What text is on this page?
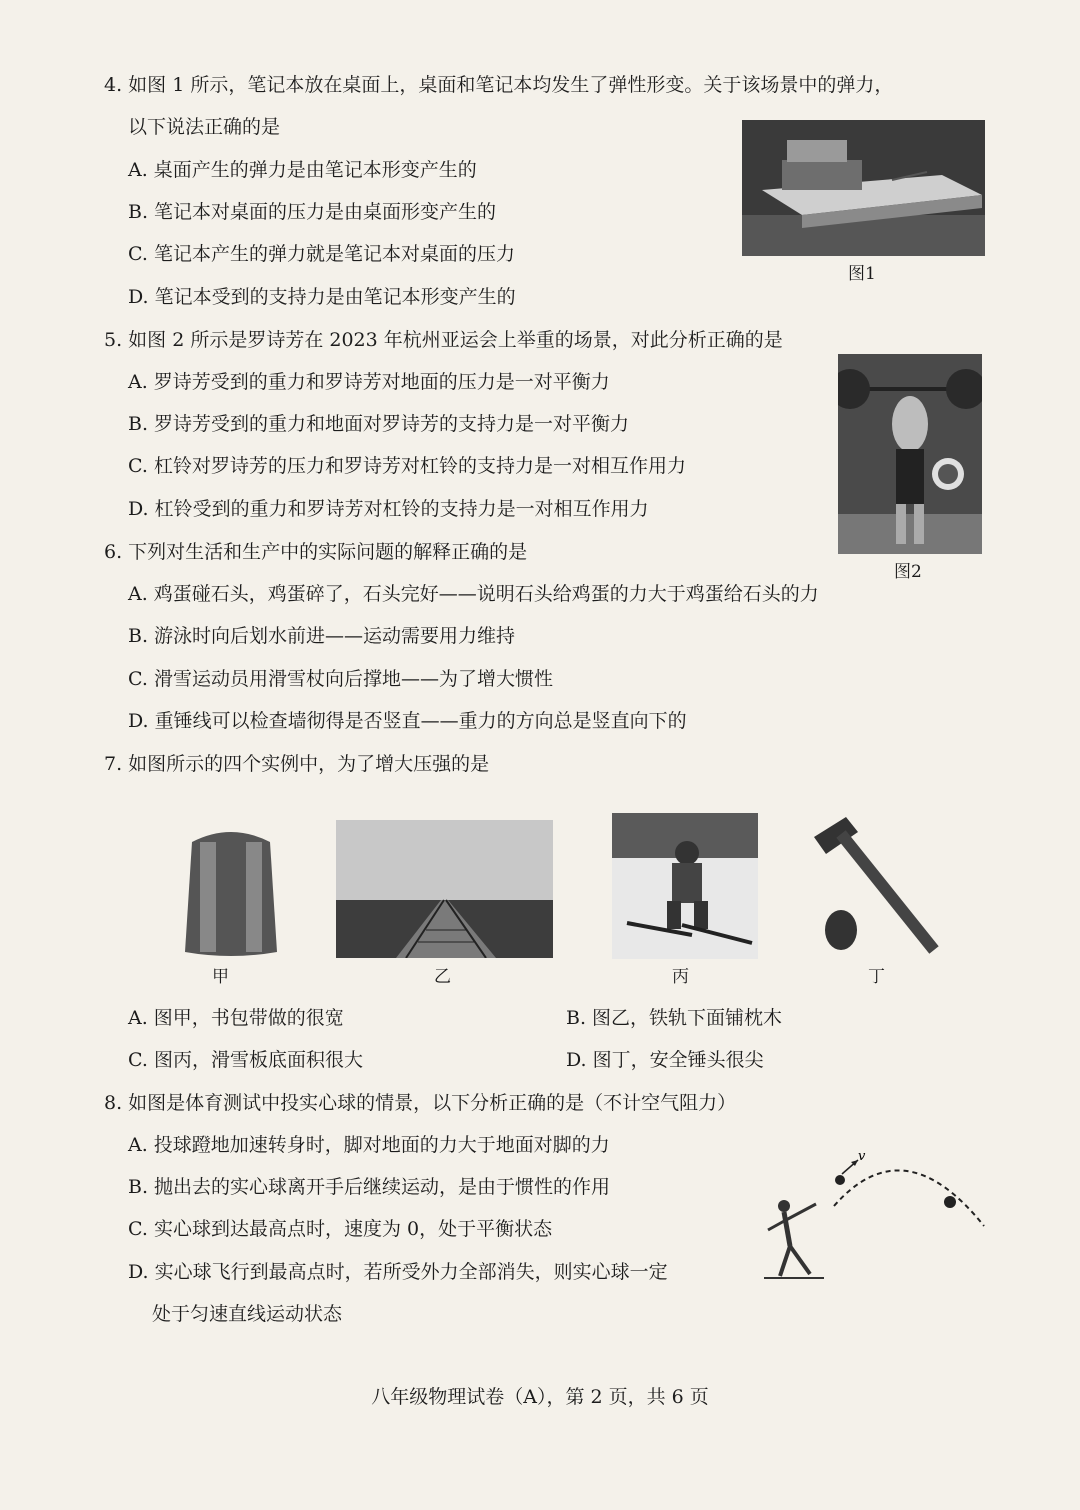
4. 如图 1 所示，笔记本放在桌面上，桌面和笔记本均发生了弹性形变。关于该场景中的弹力，
以下说法正确的是
A. 桌面产生的弹力是由笔记本形变产生的
B. 笔记本对桌面的压力是由桌面形变产生的
C. 笔记本产生的弹力就是笔记本对桌面的压力
D. 笔记本受到的支持力是由笔记本形变产生的
图1
5. 如图 2 所示是罗诗芳在 2023 年杭州亚运会上举重的场景，对此分析正确的是
A. 罗诗芳受到的重力和罗诗芳对地面的压力是一对平衡力
B. 罗诗芳受到的重力和地面对罗诗芳的支持力是一对平衡力
C. 杠铃对罗诗芳的压力和罗诗芳对杠铃的支持力是一对相互作用力
D. 杠铃受到的重力和罗诗芳对杠铃的支持力是一对相互作用力
图2
6. 下列对生活和生产中的实际问题的解释正确的是
A. 鸡蛋碰石头，鸡蛋碎了，石头完好——说明石头给鸡蛋的力大于鸡蛋给石头的力
B. 游泳时向后划水前进——运动需要用力维持
C. 滑雪运动员用滑雪杖向后撑地——为了增大惯性
D. 重锤线可以检查墙彻得是否竖直——重力的方向总是竖直向下的
7. 如图所示的四个实例中，为了增大压强的是
甲	乙	丙	丁
A. 图甲，书包带做的很宽	B. 图乙，铁轨下面铺枕木
C. 图丙，滑雪板底面积很大	D. 图丁，安全锤头很尖
8. 如图是体育测试中投实心球的情景，以下分析正确的是（不计空气阻力）
A. 投球蹬地加速转身时，脚对地面的力大于地面对脚的力
B. 抛出去的实心球离开手后继续运动，是由于惯性的作用
C. 实心球到达最高点时，速度为 0，处于平衡状态
D. 实心球飞行到最高点时，若所受外力全部消失，则实心球一定
处于匀速直线运动状态
v
八年级物理试卷（A），第 2 页，共 6 页
